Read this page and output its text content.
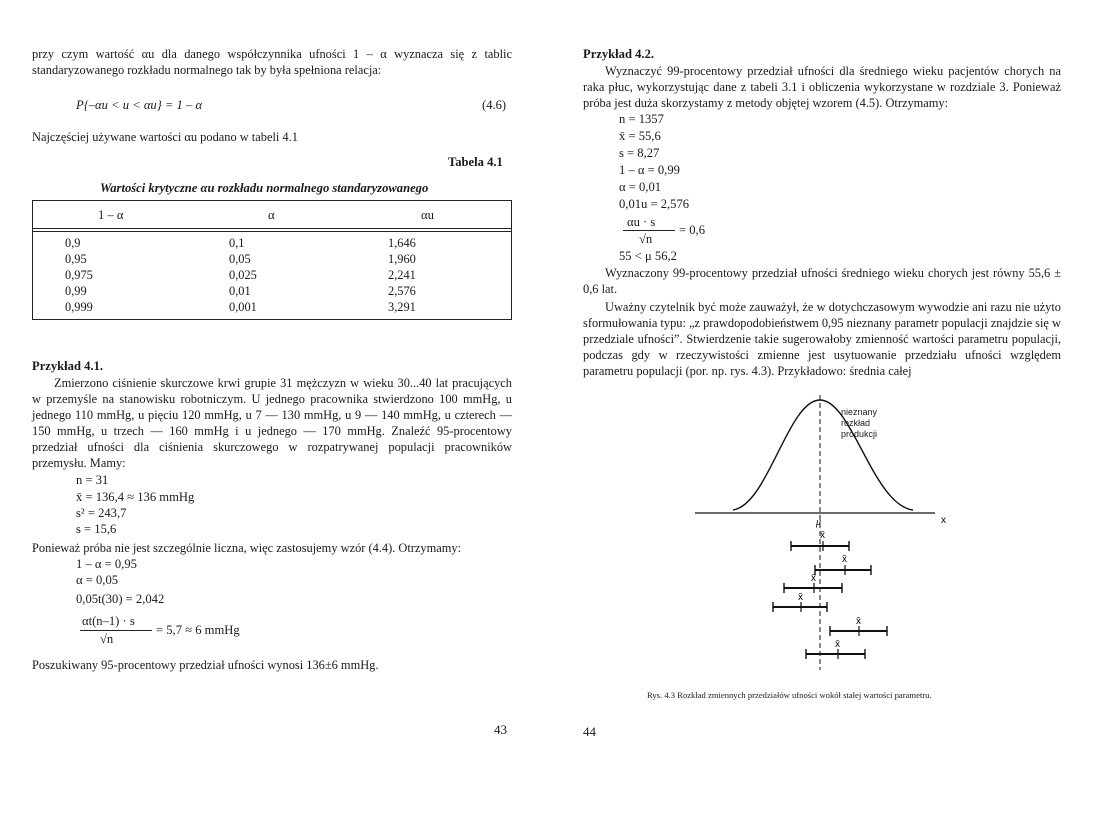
przy czym wartość αu dla danego współczynnika ufności 1 – α wyznacza się z tablic standaryzowanego rozkładu normalnego tak by była spełniona relacja:

P{–αu < u < αu} = 1 – α	(4.6)

Najczęściej używane wartości αu podano w tabeli 4.1

Tabela 4.1
Wartości krytyczne αu rozkładu normalnego standaryzowanego
1 – α	α	αu
0,9	0,1	1,646
0,95	0,05	1,960
0,975	0,025	2,241
0,99	0,01	2,576
0,999	0,001	3,291
Przykład 4.1.

Zmierzono ciśnienie skurczowe krwi grupie 31 mężczyzn w wieku 30...40 lat pracujących w przemyśle na stanowisku robotniczym. U jednego pracownika stwierdzono 100 mmHg, u jednego 110 mmHg, u pięciu 120 mmHg, u 7 — 130 mmHg, u 9 — 140 mmHg, u czterech — 150 mmHg, u trzech — 160 mmHg i u jednego — 170 mmHg. Znaleźć 95-procentowy przedział ufności dla ciśnienia skurczowego w rozpatrywanej populacji pracowników przemysłu. Mamy:

n = 31
x̄ = 136,4 ≈ 136 mmHg
s² = 243,7
s = 15,6

Ponieważ próba nie jest szczególnie liczna, więc zastosujemy wzór (4.4). Otrzymamy:

1 – α = 0,95
α = 0,05
0,05t(30) = 2,042
αt(n–1) · s
√n
= 5,7 ≈ 6 mmHg

Poszukiwany 95-procentowy przedział ufności wynosi 136±6 mmHg.

43
Przykład 4.2.

Wyznaczyć 99-procentowy przedział ufności dla średniego wieku pacjentów chorych na raka płuc, wykorzystując dane z tabeli 3.1 i obliczenia wykorzystane w rozdziale 3. Ponieważ próba jest duża skorzystamy z metody objętej wzorem (4.5). Otrzymamy:

n = 1357
x̄ = 55,6
s = 8,27
1 – α = 0,99
α = 0,01
0,01u = 2,576
αu · s
√n
= 0,6
55 < μ 56,2

Wyznaczony 99-procentowy przedział ufności średniego wieku chorych jest równy 55,6 ± 0,6 lat.

Uważny czytelnik być może zauważył, że w dotychczasowym wywodzie ani razu nie użyto sformułowania typu: „z prawdopodobieństwem 0,95 nieznany parametr populacji znajdzie się w przedziale ufności”. Stwierdzenie takie sugerowałoby zmienność wartości parametru populacji, podczas gdy w rzeczywistości zmienne jest usytuowanie przedziału ufności względem parametru populacji (por. np. rys. 4.3). Przykładowo: średnia całej

μ	x
nieznany rozkład produkcji
x̄
x̄
x̄
x̄
x̄
x̄
Rys. 4.3 Rozkład zmiennych przedziałów ufności wokół stałej wartości parametru.
44
